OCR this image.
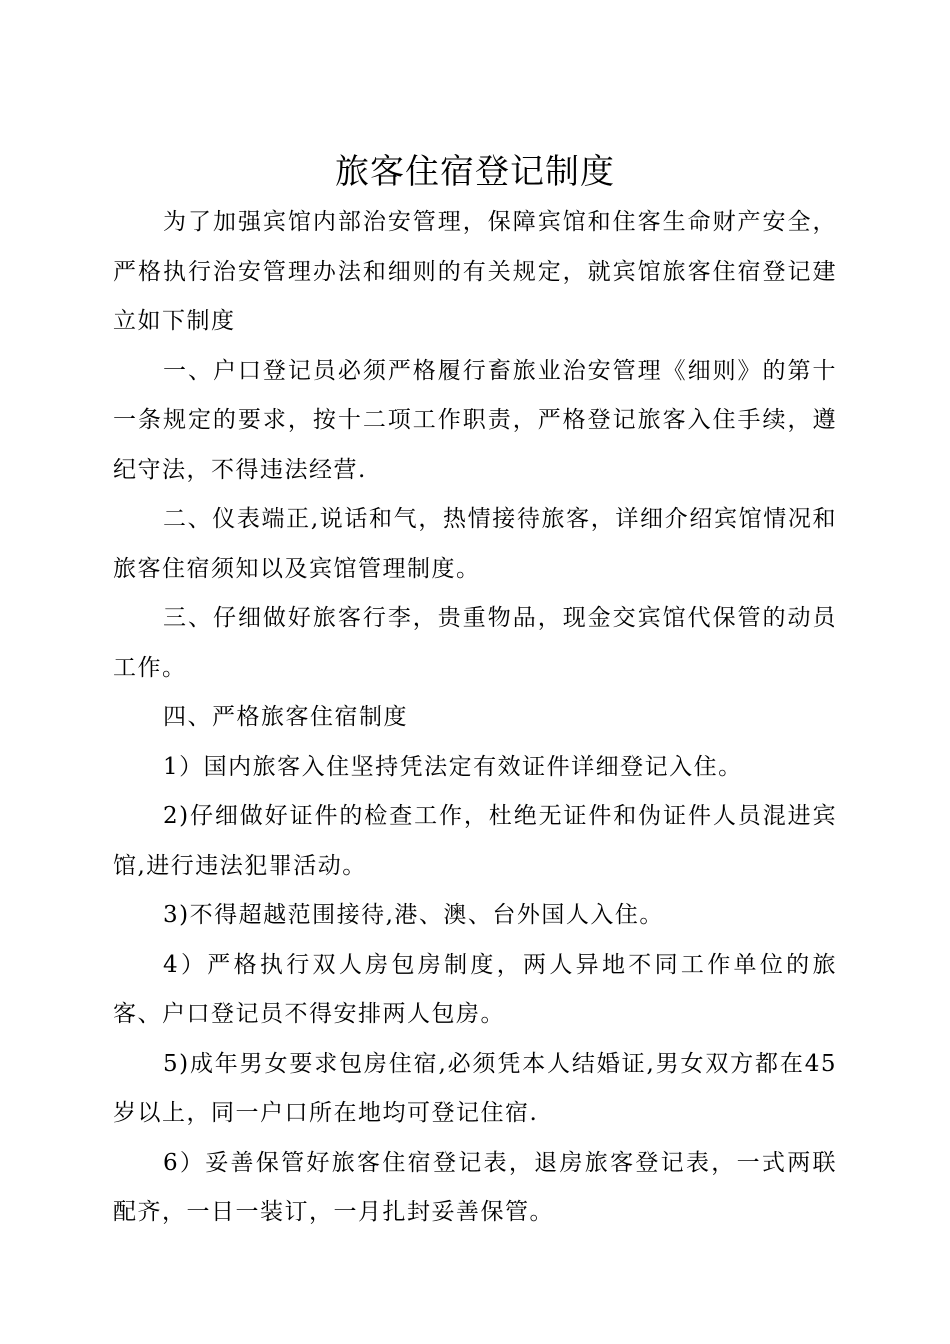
旅客住宿登记制度

为了加强宾馆内部治安管理，保障宾馆和住客生命财产安全，严格执行治安管理办法和细则的有关规定，就宾馆旅客住宿登记建立如下制度

一、户口登记员必须严格履行畜旅业治安管理《细则》的第十一条规定的要求，按十二项工作职责，严格登记旅客入住手续，遵纪守法，不得违法经营.

二、仪表端正,说话和气，热情接待旅客，详细介绍宾馆情况和旅客住宿须知以及宾馆管理制度。

三、仔细做好旅客行李，贵重物品，现金交宾馆代保管的动员工作。

四、严格旅客住宿制度

1）国内旅客入住坚持凭法定有效证件详细登记入住。

2)仔细做好证件的检查工作，杜绝无证件和伪证件人员混进宾馆,进行违法犯罪活动。

3)不得超越范围接待,港、澳、台外国人入住。

4）严格执行双人房包房制度，两人异地不同工作单位的旅客、户口登记员不得安排两人包房。

5)成年男女要求包房住宿,必须凭本人结婚证,男女双方都在45岁以上，同一户口所在地均可登记住宿.

6）妥善保管好旅客住宿登记表，退房旅客登记表，一式两联配齐，一日一装订，一月扎封妥善保管。
